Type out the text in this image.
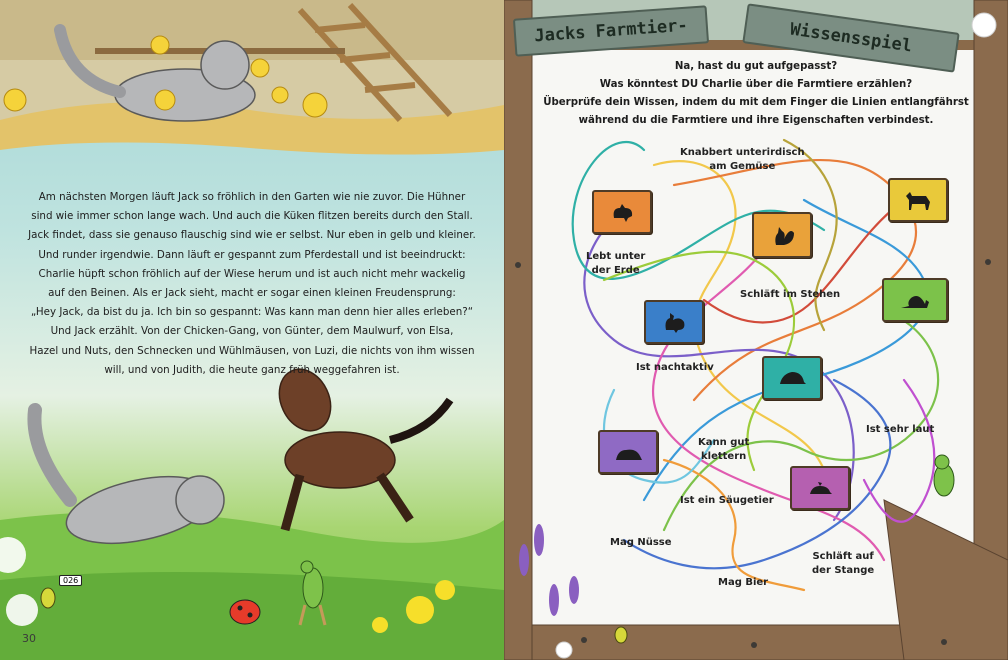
Am nächsten Morgen läuft Jack so fröhlich in den Garten wie nie zuvor. Die Hühner

sind wie immer schon lange wach. Und auch die Küken flitzen bereits durch den Stall.

Jack findet, dass sie genauso flauschig sind wie er selbst. Nur eben in gelb und kleiner.

Und runder irgendwie. Dann läuft er gespannt zum Pferdestall und ist beeindruckt:

Charlie hüpft schon fröhlich auf der Wiese herum und ist auch nicht mehr wackelig

auf den Beinen. Als er Jack sieht, macht er sogar einen kleinen Freudensprung:

„Hey Jack, da bist du ja. Ich bin so gespannt: Was kann man denn hier alles erleben?“

Und Jack erzählt. Von der Chicken-Gang, von Günter, dem Maulwurf, von Elsa,

Hazel und Nuts, den Schnecken und Wühlmäusen, von Luzi, die nichts von ihm wissen

will, und von Judith, die heute ganz früh weggefahren ist.

026
30
Jacks Farmtier-	Wissensspiel
Na, hast du gut aufgepasst?
Was könntest DU Charlie über die Farmtiere erzählen?
Überprüfe dein Wissen, indem du mit dem Finger die Linien entlangfährst
während du die Farmtiere und ihre Eigenschaften verbindest.
Knabbert unterirdisch
am Gemüse
Lebt unter
der Erde
Schläft im Stehen
Ist nachtaktiv
Kann gut
klettern
Ist sehr laut
Ist ein Säugetier
Mag Nüsse
Mag Bier
Schläft auf
der Stange
